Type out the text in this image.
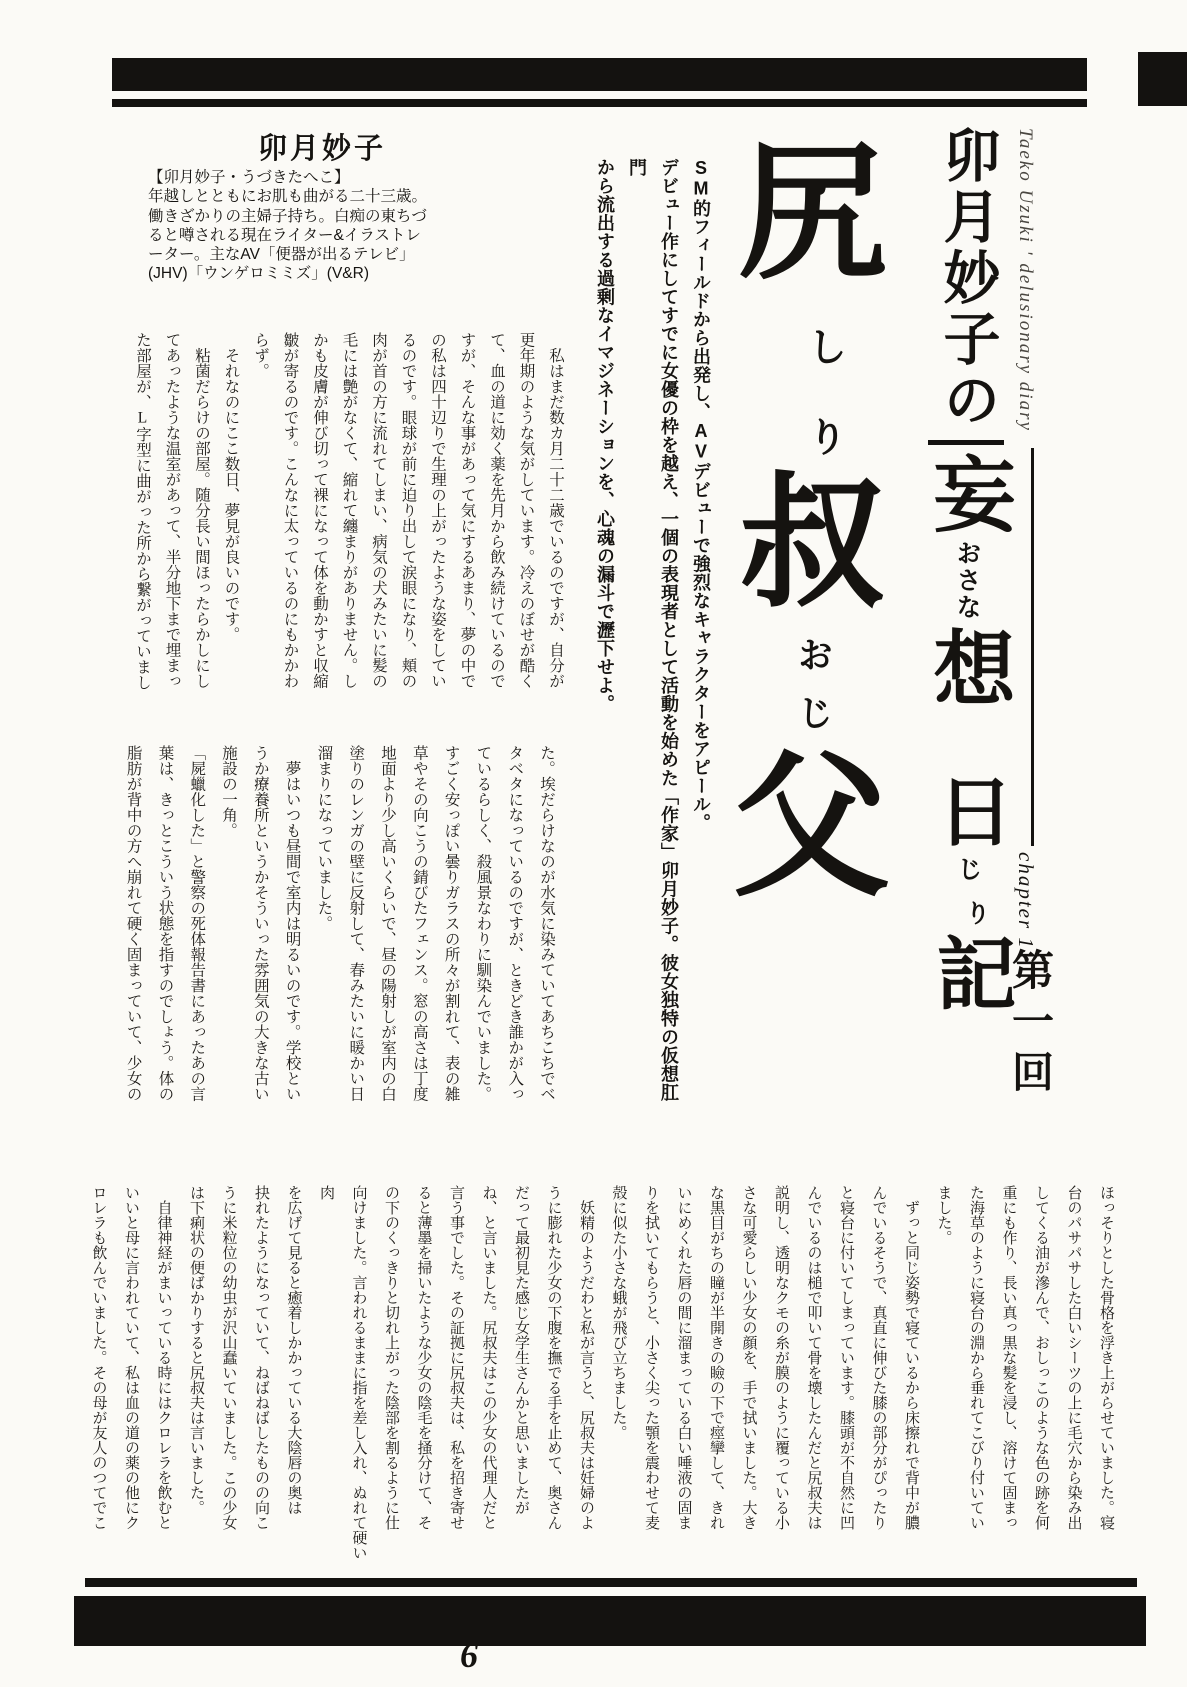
卯月妙子の
妄
おさな
想
日
じ
り
記
Taeko Uzuki ' delusionary diary
chapter 1
第一回
尻
しり
叔
おじ
父
SM的フィールドから出発し、AVデビューで強烈なキャラクターをアピール。
デビュー作にしてすでに女優の枠を越え、一個の表現者として活動を始めた「作家」卯月妙子。彼女独特の仮想肛門
から流出する過剰なイマジネーションを、心魂の漏斗で瀝下せよ。
卯月妙子
【卯月妙子・うづきたへこ】
年越しとともにお肌も曲がる二十三歳。
働きざかりの主婦子持ち。白痴の東ちづ
ると噂される現在ライター&イラストレ
ーター。主なAV「便器が出るテレビ」
(JHV)「ウンゲロミミズ」(V&R)
　私はまだ数カ月二十二歳でいるのですが、自分が
更年期のような気がしています。冷えのぼせが酷く
て、血の道に効く薬を先月から飲み続けているので
すが、そんな事があって気にするあまり、夢の中で
の私は四十辺りで生理の上がったような姿をしてい
るのです。眼球が前に迫り出して涙眼になり、頬の
肉が首の方に流れてしまい、病気の犬みたいに髪の
毛には艶がなくて、縮れて纏まりがありません。し
かも皮膚が伸び切って裸になって体を動かすと収縮
皺が寄るのです。こんなに太っているのにもかかわ
らず。
　それなのにここ数日、夢見が良いのです。
　粘菌だらけの部屋。随分長い間ほったらかしにし
てあったような温室があって、半分地下まで埋まっ
た部屋が、L字型に曲がった所から繋がっていまし
た。埃だらけなのが水気に染みていてあちこちでベ
タベタになっているのですが、ときどき誰かが入っ
ているらしく、殺風景なわりに馴染んでいました。
すごく安っぽい曇りガラスの所々が割れて、表の雑
草やその向こうの錆びたフェンス。窓の高さは丁度
地面より少し高いくらいで、昼の陽射しが室内の白
塗りのレンガの壁に反射して、春みたいに暖かい日
溜まりになっていました。
　夢はいつも昼間で室内は明るいのです。学校とい
うか療養所というかそういった雰囲気の大きな古い
施設の一角。
「屍蠟化した」と警察の死体報告書にあったあの言
葉は、きっとこういう状態を指すのでしょう。体の
脂肪が背中の方へ崩れて硬く固まっていて、少女の
ほっそりとした骨格を浮き上がらせていました。寝
台のパサパサした白いシーツの上に毛穴から染み出
してくる油が滲んで、おしっこのような色の跡を何
重にも作り、長い真っ黒な髪を浸し、溶けて固まっ
た海草のように寝台の淵から垂れてこびり付いてい
ました。
　ずっと同じ姿勢で寝ているから床擦れで背中が膿
んでいるそうで、真直に伸びた膝の部分がぴったり
と寝台に付いてしまっています。膝頭が不自然に凹
んでいるのは槌で叩いて骨を壊したんだと尻叔夫は
説明し、透明なクモの糸が膜のように覆っている小
さな可愛らしい少女の顔を、手で拭いました。大き
な黒目がちの瞳が半開きの瞼の下で痙攣して、きれ
いにめくれた唇の間に溜まっている白い唾液の固ま
りを拭いてもらうと、小さく尖った顎を震わせて麦
殻に似た小さな蛾が飛び立ちました。
　妖精のようだわと私が言うと、尻叔夫は妊婦のよ
うに膨れた少女の下腹を撫でる手を止めて、奥さん
だって最初見た感じ女学生さんかと思いましたが
ね、と言いました。尻叔夫はこの少女の代理人だと
言う事でした。その証拠に尻叔夫は、私を招き寄せ
ると薄墨を掃いたような少女の陰毛を掻分けて、そ
の下のくっきりと切れ上がった陰部を割るように仕
向けました。言われるままに指を差し入れ、ぬれて硬い肉
を広げて見ると癒着しかかっている大陰唇の奥は
抉れたようになっていて、ねばねばしたものの向こ
うに米粒位の幼虫が沢山蠢いていました。この少女
は下痢状の便ばかりすると尻叔夫は言いました。
　自律神経がまいっている時にはクロレラを飲むと
いいと母に言われていて、私は血の道の薬の他にク
ロレラも飲んでいました。その母が友人のつてでこ
6
